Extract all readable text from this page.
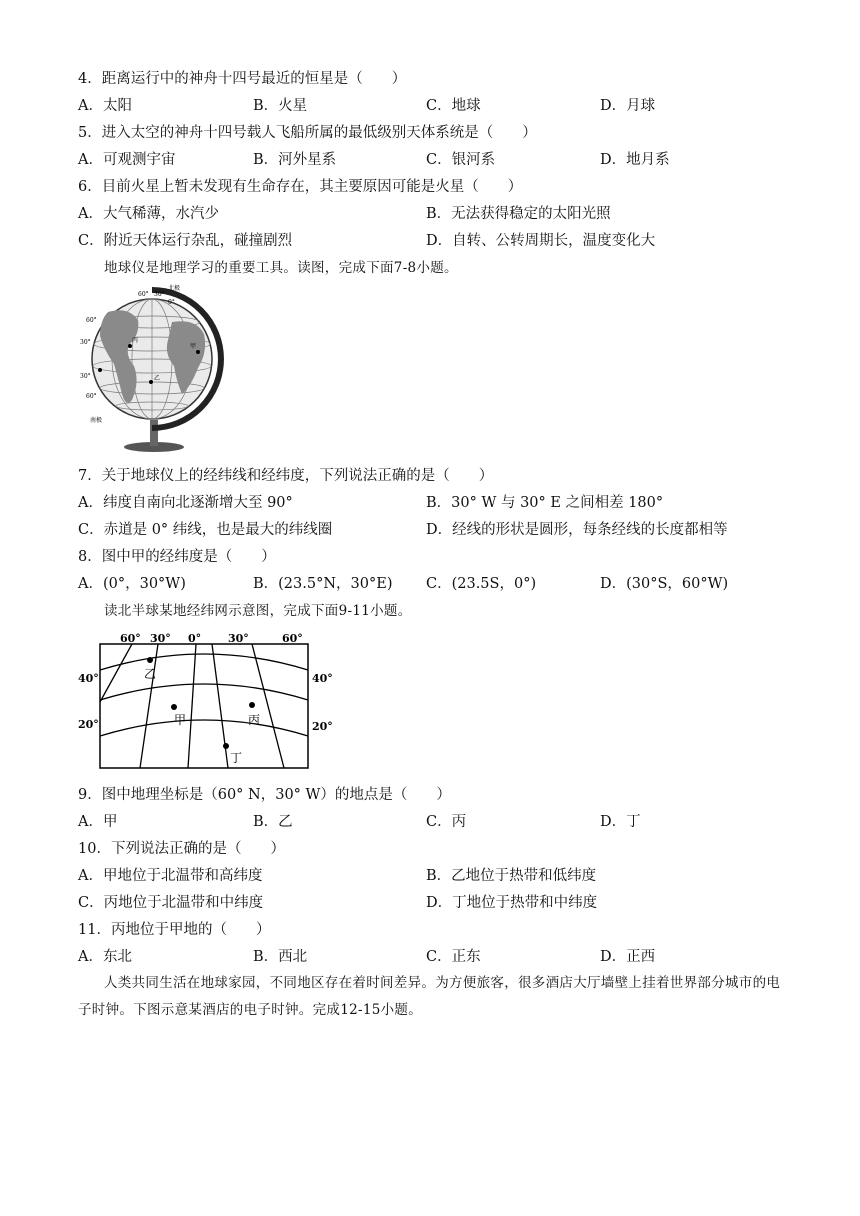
4．距离运行中的神舟十四号最近的恒星是（　　）
A．太阳	B．火星	C．地球	D．月球
5．进入太空的神舟十四号载人飞船所属的最低级别天体系统是（　　）
A．可观测宇宙	B．河外星系	C．银河系	D．地月系
6．目前火星上暂未发现有生命存在，其主要原因可能是火星（　　）
A．大气稀薄，水汽少	B．无法获得稳定的太阳光照
C．附近天体运行杂乱，碰撞剧烈	D．自转、公转周期长，温度变化大
地球仪是地理学习的重要工具。读图，完成下面7-8小题。
北极
南极
60°
30°
30°
60°
60° 30°
0°
丙
乙
甲
7．关于地球仪上的经纬线和经纬度，下列说法正确的是（　　）
A．纬度自南向北逐渐增大至 90°	B．30° W 与 30° E 之间相差 180°
C．赤道是 0° 纬线，也是最大的纬线圈	D．经线的形状是圆形，每条经线的长度都相等
8．图中甲的经纬度是（　　）
A．(0°，30°W)	B．(23.5°N，30°E) C．(23.5S，0°)	D．(30°S，60°W)
读北半球某地经纬网示意图，完成下面9-11小题。
60° 30° 0° 30°	60°
40°
20°
40°
20°
乙
甲	丙
丁
9．图中地理坐标是（60° N，30° W）的地点是（　　）
A．甲	B．乙	C．丙	D．丁
10．下列说法正确的是（　　）
A．甲地位于北温带和高纬度	B．乙地位于热带和低纬度
C．丙地位于北温带和中纬度	D．丁地位于热带和中纬度
11．丙地位于甲地的（　　）
A．东北	B．西北	C．正东	D．正西
人类共同生活在地球家园，不同地区存在着时间差异。为方便旅客，很多酒店大厅墙壁上挂着世界部分城市的电子时钟。下图示意某酒店的电子时钟。完成12-15小题。
